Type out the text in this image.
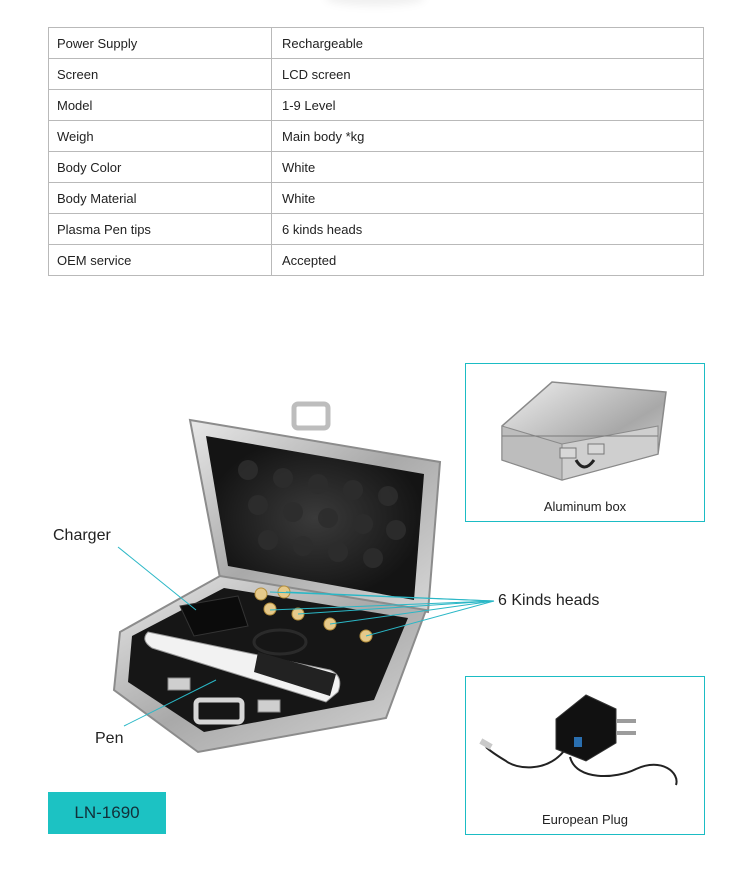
Power Supply	Rechargeable
Screen	LCD screen
Model	1-9 Level
Weigh	Main body *kg
Body Color	White
Body Material	White
Plasma Pen tips	6 kinds heads
OEM service	Accepted
Charger
6 Kinds heads
Pen
Aluminum box
European Plug
LN-1690
